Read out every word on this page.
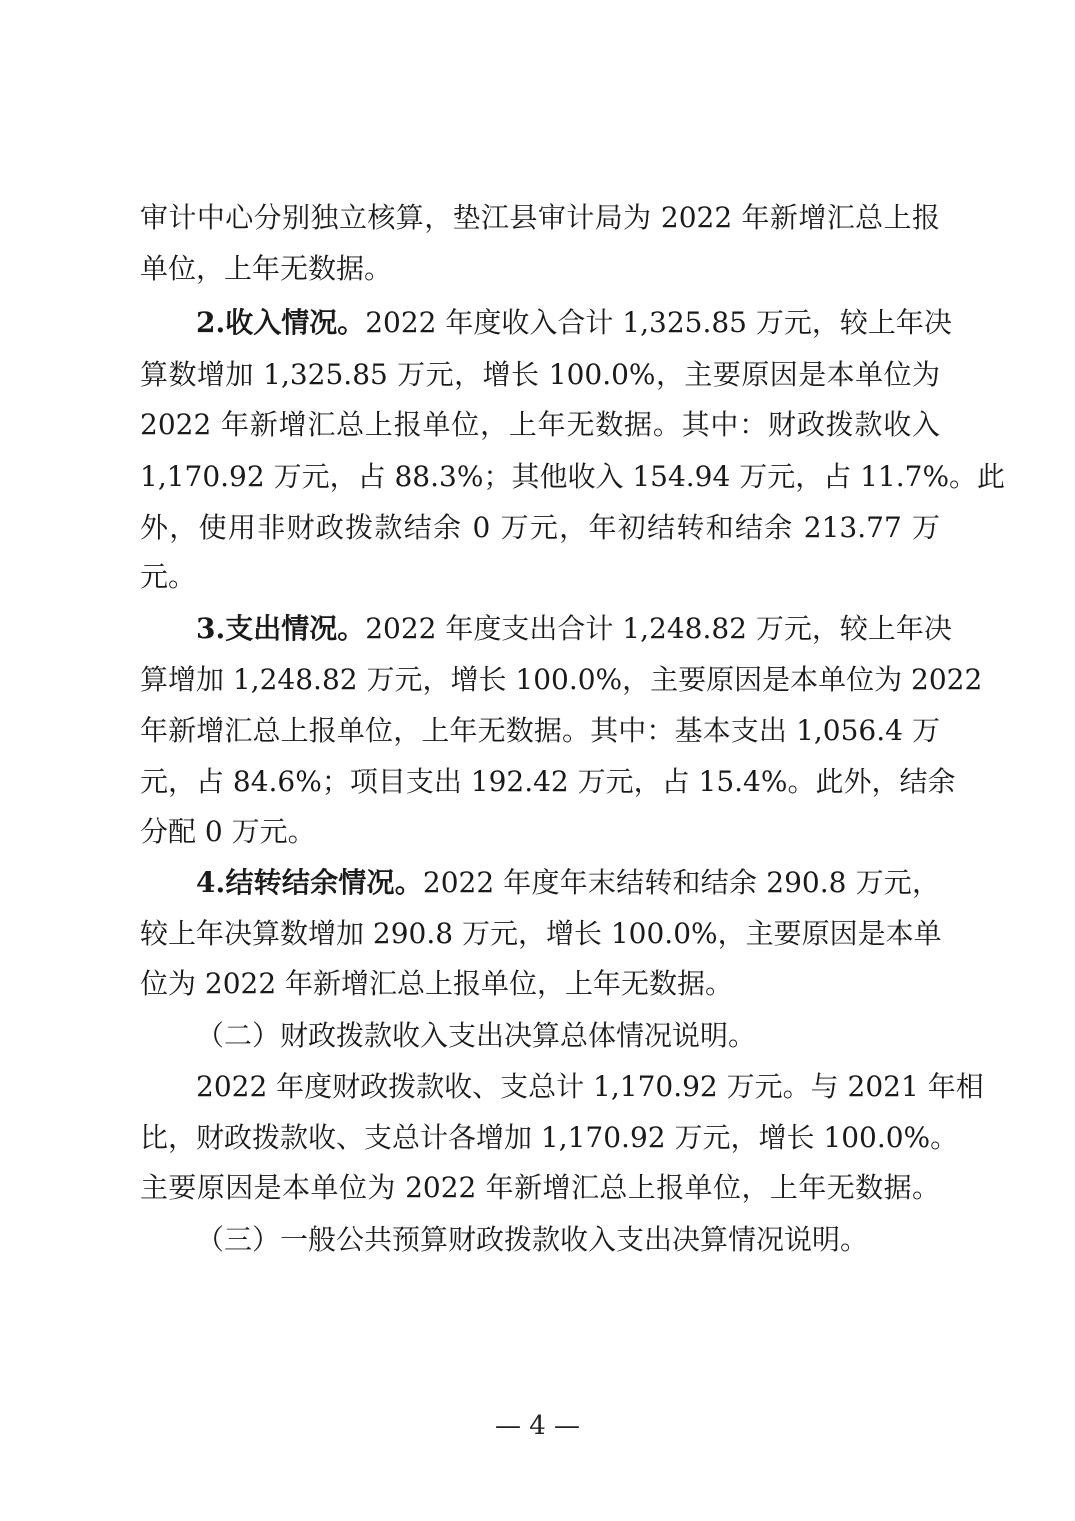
审计中心分别独立核算，垫江县审计局为 2022 年新增汇总上报
单位，上年无数据。
2.收入情况。2022 年度收入合计 1,325.85 万元，较上年决
算数增加 1,325.85 万元，增长 100.0%，主要原因是本单位为
2022 年新增汇总上报单位，上年无数据。其中：财政拨款收入
1,170.92 万元，占 88.3%；其他收入 154.94 万元，占 11.7%。此
外，使用非财政拨款结余 0 万元，年初结转和结余 213.77 万
元。
3.支出情况。2022 年度支出合计 1,248.82 万元，较上年决
算增加 1,248.82 万元，增长 100.0%，主要原因是本单位为 2022
年新增汇总上报单位，上年无数据。其中：基本支出 1,056.4 万
元，占 84.6%；项目支出 192.42 万元，占 15.4%。此外，结余
分配 0 万元。
4.结转结余情况。2022 年度年末结转和结余 290.8 万元，
较上年决算数增加 290.8 万元，增长 100.0%，主要原因是本单
位为 2022 年新增汇总上报单位，上年无数据。
（二）财政拨款收入支出决算总体情况说明。
2022 年度财政拨款收、支总计 1,170.92 万元。与 2021 年相
比，财政拨款收、支总计各增加 1,170.92 万元，增长 100.0%。
主要原因是本单位为 2022 年新增汇总上报单位，上年无数据。
（三）一般公共预算财政拨款收入支出决算情况说明。
— 4 —
